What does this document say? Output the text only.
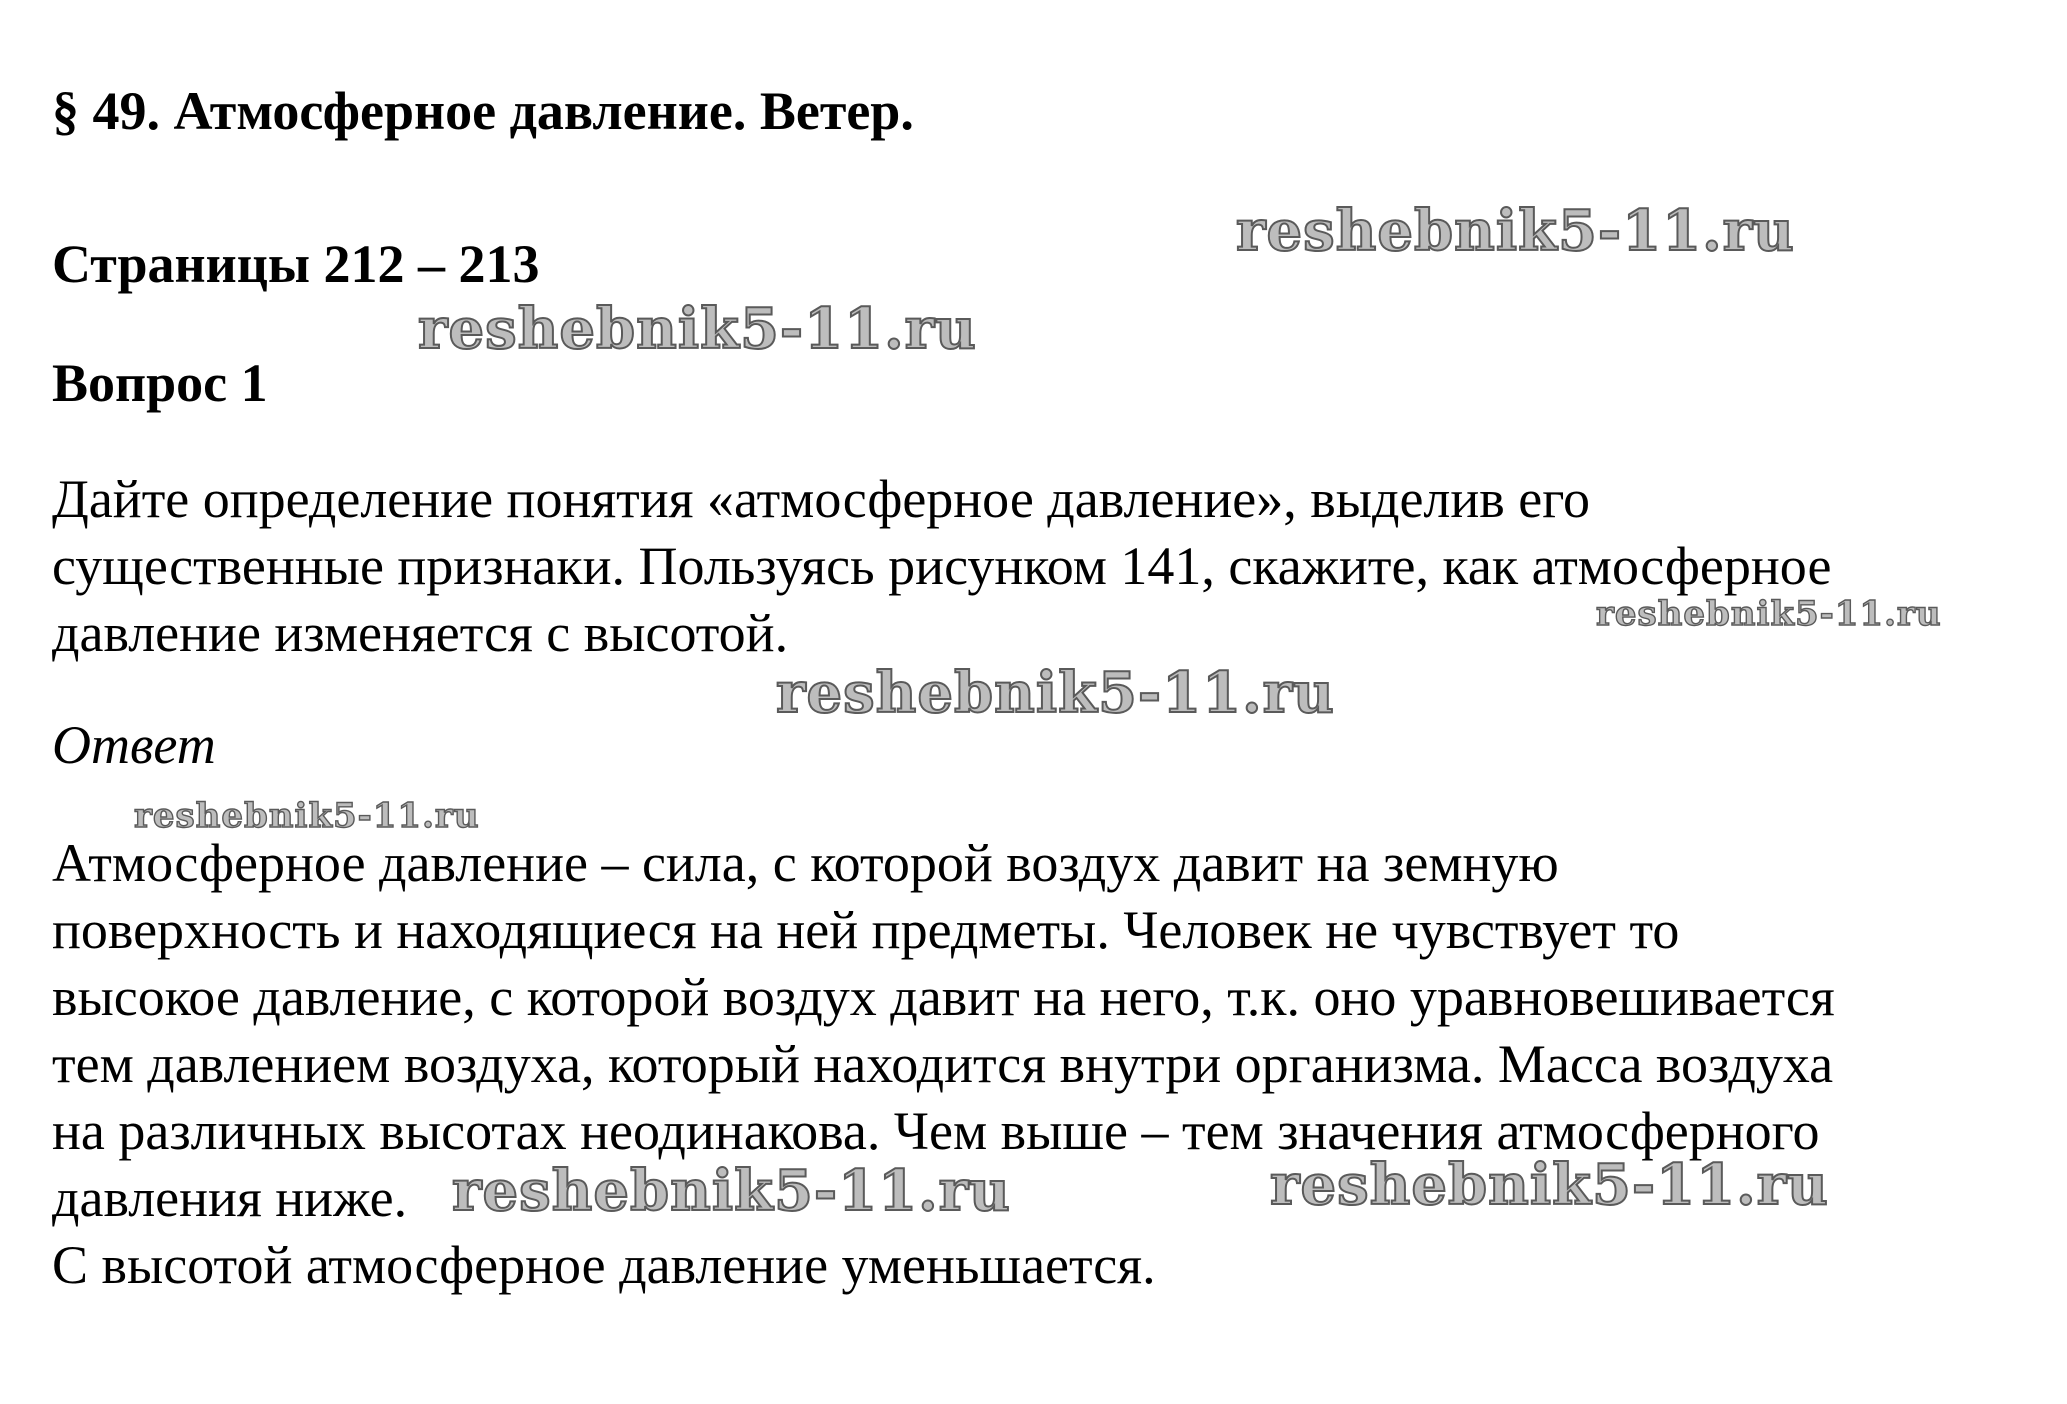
§ 49. Атмосферное давление. Ветер.
Страницы 212 – 213
Вопрос 1

Дайте определение понятия «атмосферное давление», выделив его
существенные признаки. Пользуясь рисунком 141, скажите, как атмосферное
давление изменяется с высотой.

Ответ

Атмосферное давление – сила, с которой воздух давит на земную
поверхность и находящиеся на ней предметы. Человек не чувствует то
высокое давление, с которой воздух давит на него, т.к. оно уравновешивается
тем давлением воздуха, который находится внутри организма. Масса воздуха
на различных высотах неодинакова. Чем выше – тем значения атмосферного
давления ниже.

С высотой атмосферное давление уменьшается.

reshebnik5-11.ru
reshebnik5-11.ru
reshebnik5-11.ru
reshebnik5-11.ru
reshebnik5-11.ru
reshebnik5-11.ru	reshebnik5-11.ru
